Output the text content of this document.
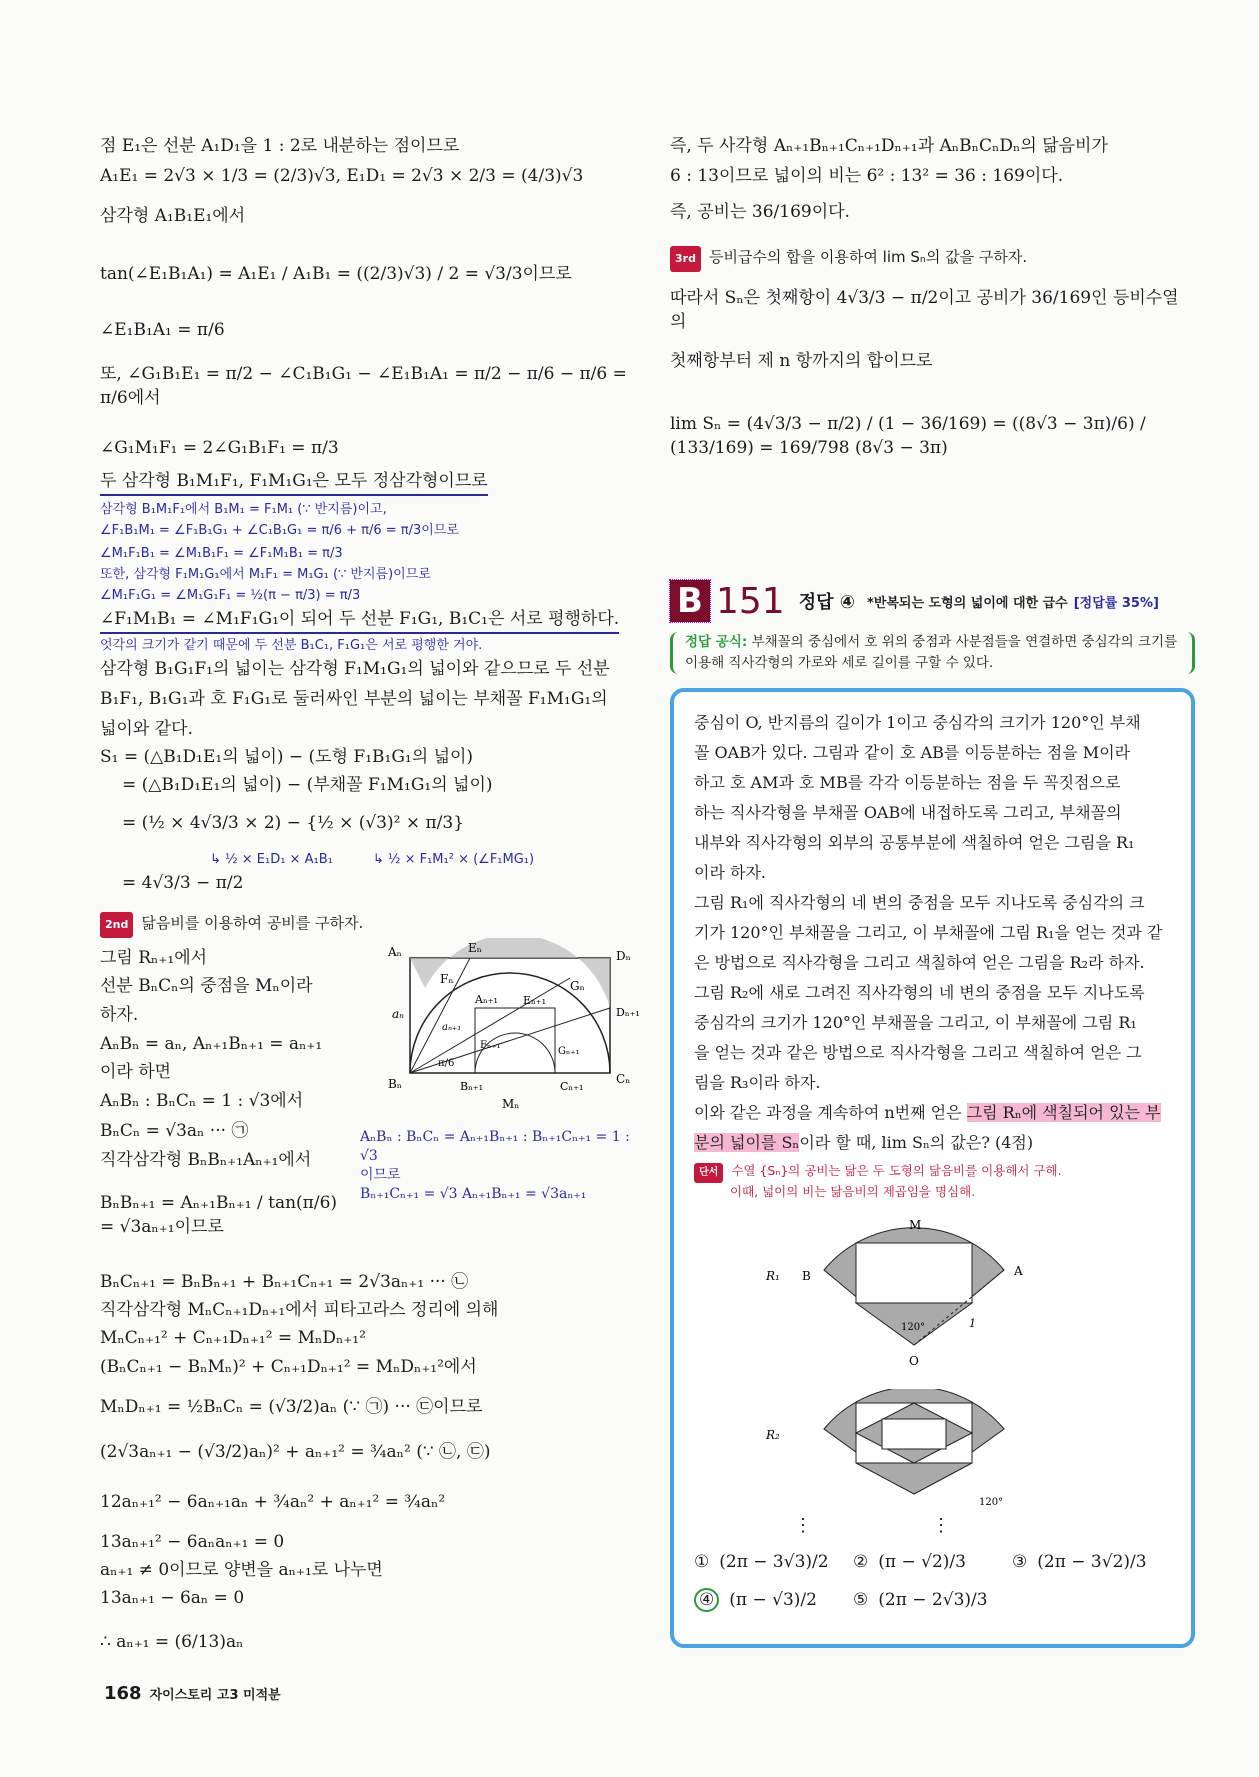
점 E₁은 선분 A₁D₁을 1 : 2로 내분하는 점이므로
A₁E₁ = 2√3 × 1/3 = (2/3)√3, E₁D₁ = 2√3 × 2/3 = (4/3)√3
삼각형 A₁B₁E₁에서
tan(∠E₁B₁A₁) = A₁E₁ / A₁B₁ = ((2/3)√3) / 2 = √3/3이므로
∠E₁B₁A₁ = π/6
또, ∠G₁B₁E₁ = π/2 − ∠C₁B₁G₁ − ∠E₁B₁A₁ = π/2 − π/6 − π/6 = π/6에서
∠G₁M₁F₁ = 2∠G₁B₁F₁ = π/3
두 삼각형 B₁M₁F₁, F₁M₁G₁은 모두 정삼각형이므로
삼각형 B₁M₁F₁에서 B₁M₁ = F₁M₁ (∵ 반지름)이고,
∠F₁B₁M₁ = ∠F₁B₁G₁ + ∠C₁B₁G₁ = π/6 + π/6 = π/3이므로
∠M₁F₁B₁ = ∠M₁B₁F₁ = ∠F₁M₁B₁ = π/3
또한, 삼각형 F₁M₁G₁에서 M₁F₁ = M₁G₁ (∵ 반지름)이므로
∠M₁F₁G₁ = ∠M₁G₁F₁ = ½(π − π/3) = π/3
∠F₁M₁B₁ = ∠M₁F₁G₁이 되어 두 선분 F₁G₁, B₁C₁은 서로 평행하다.
엇각의 크기가 같기 때문에 두 선분 B₁C₁, F₁G₁은 서로 평행한 거야.
삼각형 B₁G₁F₁의 넓이는 삼각형 F₁M₁G₁의 넓이와 같으므로 두 선분
B₁F₁, B₁G₁과 호 F₁G₁로 둘러싸인 부분의 넓이는 부채꼴 F₁M₁G₁의
넓이와 같다.
S₁ = (△B₁D₁E₁의 넓이) − (도형 F₁B₁G₁의 넓이)
= (△B₁D₁E₁의 넓이) − (부채꼴 F₁M₁G₁의 넓이)
= (½ × 4√3/3 × 2) − {½ × (√3)² × π/3}
↳ ½ × E₁D₁ × A₁B₁	↳ ½ × F₁M₁² × (∠F₁MG₁)
= 4√3/3 − π/2
2nd 닮음비를 이용하여 공비를 구하자.
Aₙ	Eₙ
Dₙ
Fₙ	Gₙ
aₙ
Aₙ₊₁ Eₙ₊₁
Dₙ₊₁
aₙ₊₁
Fₙ₊₁
Gₙ₊₁
π/6
Bₙ	Bₙ₊₁
Mₙ
Cₙ₊₁
Cₙ
그림 Rₙ₊₁에서
선분 BₙCₙ의 중점을 Mₙ이라
하자.
AₙBₙ = aₙ, Aₙ₊₁Bₙ₊₁ = aₙ₊₁
이라 하면
AₙBₙ : BₙCₙ = 1 : √3에서
AₙBₙ : BₙCₙ = Aₙ₊₁Bₙ₊₁ : Bₙ₊₁Cₙ₊₁ = 1 : √3
이므로
Bₙ₊₁Cₙ₊₁ = √3 Aₙ₊₁Bₙ₊₁ = √3aₙ₊₁
BₙCₙ = √3aₙ ··· ㉠
직각삼각형 BₙBₙ₊₁Aₙ₊₁에서
BₙBₙ₊₁ = Aₙ₊₁Bₙ₊₁ / tan(π/6) = √3aₙ₊₁이므로
BₙCₙ₊₁ = BₙBₙ₊₁ + Bₙ₊₁Cₙ₊₁ = 2√3aₙ₊₁ ··· ㉡
직각삼각형 MₙCₙ₊₁Dₙ₊₁에서 피타고라스 정리에 의해
MₙCₙ₊₁² + Cₙ₊₁Dₙ₊₁² = MₙDₙ₊₁²
(BₙCₙ₊₁ − BₙMₙ)² + Cₙ₊₁Dₙ₊₁² = MₙDₙ₊₁²에서
MₙDₙ₊₁ = ½BₙCₙ = (√3/2)aₙ (∵ ㉠) ··· ㉢이므로
(2√3aₙ₊₁ − (√3/2)aₙ)² + aₙ₊₁² = ¾aₙ² (∵ ㉡, ㉢)
12aₙ₊₁² − 6aₙ₊₁aₙ + ¾aₙ² + aₙ₊₁² = ¾aₙ²
13aₙ₊₁² − 6aₙaₙ₊₁ = 0
aₙ₊₁ ≠ 0이므로 양변을 aₙ₊₁로 나누면
13aₙ₊₁ − 6aₙ = 0
∴ aₙ₊₁ = (6/13)aₙ
즉, 두 사각형 Aₙ₊₁Bₙ₊₁Cₙ₊₁Dₙ₊₁과 AₙBₙCₙDₙ의 닮음비가
6 : 13이므로 넓이의 비는 6² : 13² = 36 : 169이다.
즉, 공비는 36/169이다.
3rd 등비급수의 합을 이용하여 lim Sₙ의 값을 구하자.
따라서 Sₙ은 첫째항이 4√3/3 − π/2이고 공비가 36/169인 등비수열의
첫째항부터 제 n 항까지의 합이므로
lim Sₙ = (4√3/3 − π/2) / (1 − 36/169) = ((8√3 − 3π)/6) / (133/169) = 169/798 (8√3 − 3π)
B 151 정답 ④ *반복되는 도형의 넓이에 대한 급수 [정답률 35%]
정답 공식: 부채꼴의 중심에서 호 위의 중점과 사분점들을 연결하면 중심각의 크기를 이용해 직사각형의 가로와 세로 길이를 구할 수 있다.
중심이 O, 반지름의 길이가 1이고 중심각의 크기가 120°인 부채
꼴 OAB가 있다. 그림과 같이 호 AB를 이등분하는 점을 M이라
하고 호 AM과 호 MB를 각각 이등분하는 점을 두 꼭짓점으로
하는 직사각형을 부채꼴 OAB에 내접하도록 그리고, 부채꼴의
내부와 직사각형의 외부의 공통부분에 색칠하여 얻은 그림을 R₁
이라 하자.
그림 R₁에 직사각형의 네 변의 중점을 모두 지나도록 중심각의 크
기가 120°인 부채꼴을 그리고, 이 부채꼴에 그림 R₁을 얻는 것과 같
은 방법으로 직사각형을 그리고 색칠하여 얻은 그림을 R₂라 하자.
그림 R₂에 새로 그려진 직사각형의 네 변의 중점을 모두 지나도록
중심각의 크기가 120°인 부채꼴을 그리고, 이 부채꼴에 그림 R₁
을 얻는 것과 같은 방법으로 직사각형을 그리고 색칠하여 얻은 그
림을 R₃이라 하자.
이와 같은 과정을 계속하여 n번째 얻은 그림 Rₙ에 색칠되어 있는 부
분의 넓이를 Sₙ이라 할 때, lim Sₙ의 값은? (4점)
단서 수열 {Sₙ}의 공비는 닮은 두 도형의 닮음비를 이용해서 구해.
이때, 넓이의 비는 닮음비의 제곱임을 명심해.
M
B	A
O
120°	1
R₁
R₂
120°
⋮	⋮
① (2π − 3√3)/2	② (π − √2)/3	③ (2π − 3√2)/3
④ (π − √3)/2	⑤ (2π − 2√3)/3
168 자이스토리 고3 미적분
